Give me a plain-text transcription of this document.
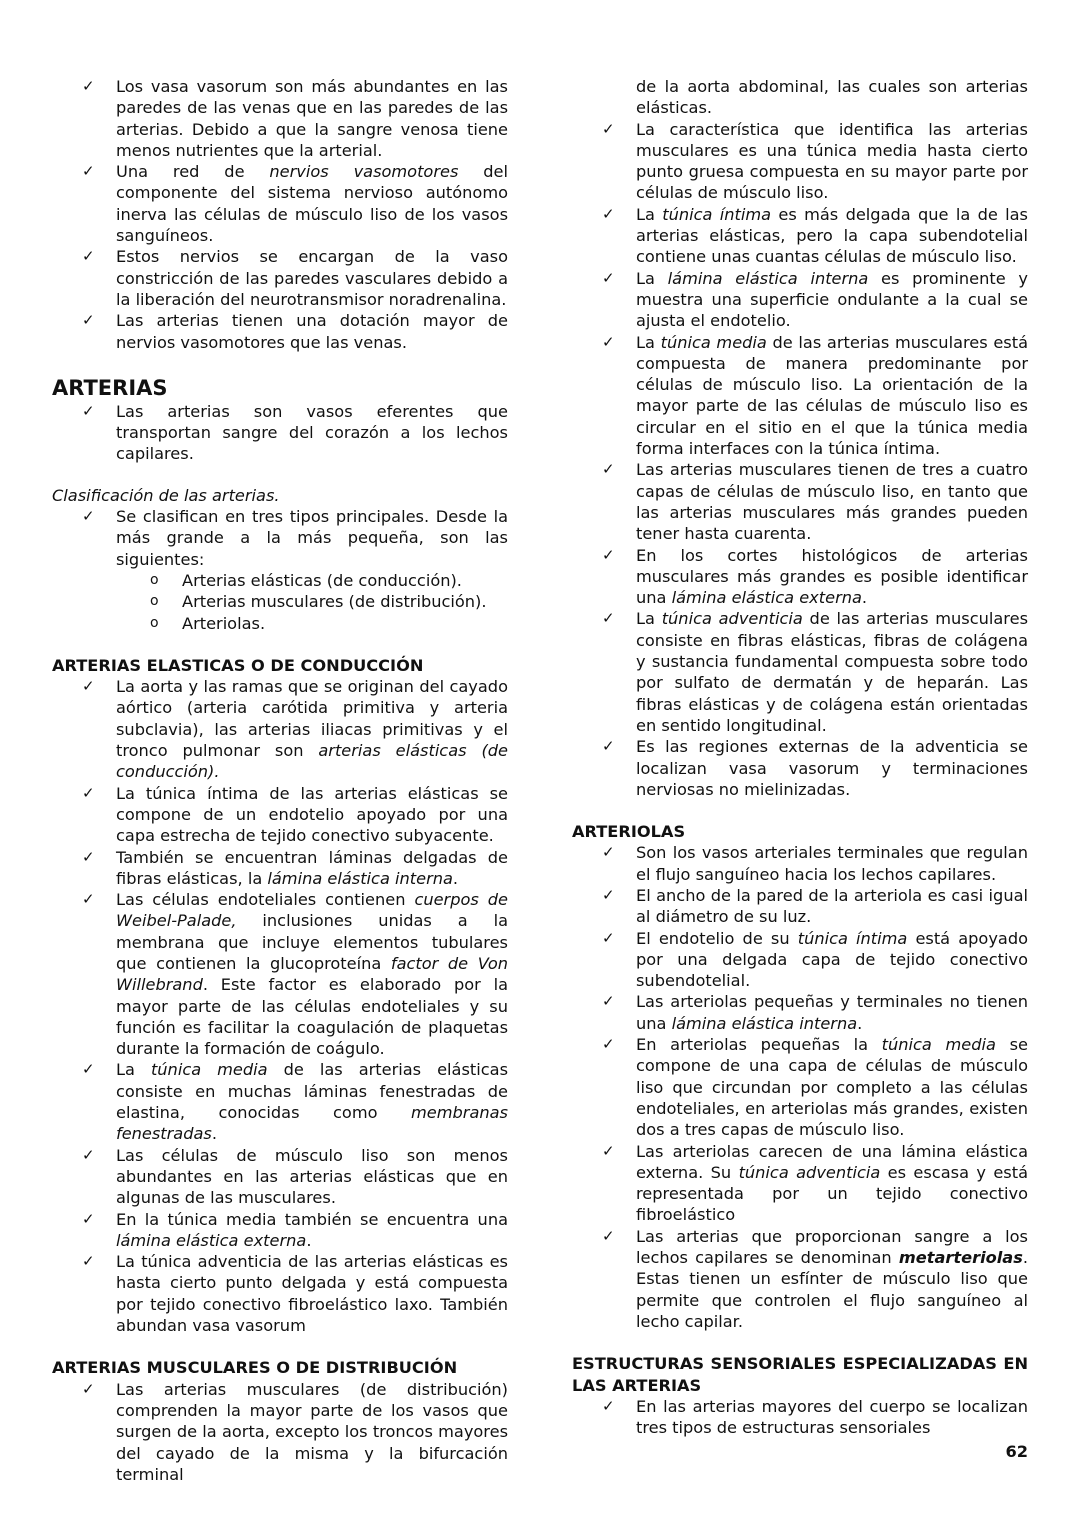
✓ Los vasa vasorum son más abundantes en las paredes de las venas que en las paredes de las arterias. Debido a que la sangre venosa tiene menos nutrientes que la arterial.
✓ Una red de nervios vasomotores del componente del sistema nervioso autónomo inerva las células de músculo liso de los vasos sanguíneos.
✓ Estos nervios se encargan de la vaso constricción de las paredes vasculares debido a la liberación del neurotransmisor noradrenalina.
✓ Las arterias tienen una dotación mayor de nervios vasomotores que las venas.
ARTERIAS
✓ Las arterias son vasos eferentes que transportan sangre del corazón a los lechos capilares.
Clasificación de las arterias.
✓ Se clasifican en tres tipos principales. Desde la más grande a la más pequeña, son las siguientes:
o Arterias elásticas (de conducción).
o Arterias musculares (de distribución).
o Arteriolas.
ARTERIAS ELASTICAS O DE CONDUCCIÓN
✓ La aorta y las ramas que se originan del cayado aórtico (arteria carótida primitiva y arteria subclavia), las arterias iliacas primitivas y el tronco pulmonar son arterias elásticas (de conducción).
✓ La túnica íntima de las arterias elásticas se compone de un endotelio apoyado por una capa estrecha de tejido conectivo subyacente.
✓ También se encuentran láminas delgadas de fibras elásticas, la lámina elástica interna.
✓ Las células endoteliales contienen cuerpos de Weibel-Palade, inclusiones unidas a la membrana que incluye elementos tubulares que contienen la glucoproteína factor de Von Willebrand. Este factor es elaborado por la mayor parte de las células endoteliales y su función es facilitar la coagulación de plaquetas durante la formación de coágulo.
✓ La túnica media de las arterias elásticas consiste en muchas láminas fenestradas de elastina, conocidas como membranas fenestradas.
✓ Las células de músculo liso son menos abundantes en las arterias elásticas que en algunas de las musculares.
✓ En la túnica media también se encuentra una lámina elástica externa.
✓ La túnica adventicia de las arterias elásticas es hasta cierto punto delgada y está compuesta por tejido conectivo fibroelástico laxo. También abundan vasa vasorum
ARTERIAS MUSCULARES O DE DISTRIBUCIÓN
✓ Las arterias musculares (de distribución) comprenden la mayor parte de los vasos que surgen de la aorta, excepto los troncos mayores del cayado de la misma y la bifurcación terminal
de la aorta abdominal, las cuales son arterias elásticas.
✓ La característica que identifica las arterias musculares es una túnica media hasta cierto punto gruesa compuesta en su mayor parte por células de músculo liso.
✓ La túnica íntima es más delgada que la de las arterias elásticas, pero la capa subendotelial contiene unas cuantas células de músculo liso.
✓ La lámina elástica interna es prominente y muestra una superficie ondulante a la cual se ajusta el endotelio.
✓ La túnica media de las arterias musculares está compuesta de manera predominante por células de músculo liso. La orientación de la mayor parte de las células de músculo liso es circular en el sitio en el que la túnica media forma interfaces con la túnica íntima.
✓ Las arterias musculares tienen de tres a cuatro capas de células de músculo liso, en tanto que las arterias musculares más grandes pueden tener hasta cuarenta.
✓ En los cortes histológicos de arterias musculares más grandes es posible identificar una lámina elástica externa.
✓ La túnica adventicia de las arterias musculares consiste en fibras elásticas, fibras de colágena y sustancia fundamental compuesta sobre todo por sulfato de dermatán y de heparán. Las fibras elásticas y de colágena están orientadas en sentido longitudinal.
✓ Es las regiones externas de la adventicia se localizan vasa vasorum y terminaciones nerviosas no mielinizadas.
ARTERIOLAS
✓ Son los vasos arteriales terminales que regulan el flujo sanguíneo hacia los lechos capilares.
✓ El ancho de la pared de la arteriola es casi igual al diámetro de su luz.
✓ El endotelio de su túnica íntima está apoyado por una delgada capa de tejido conectivo subendotelial.
✓ Las arteriolas pequeñas y terminales no tienen una lámina elástica interna.
✓ En arteriolas pequeñas la túnica media se compone de una capa de células de músculo liso que circundan por completo a las células endoteliales, en arteriolas más grandes, existen dos a tres capas de músculo liso.
✓ Las arteriolas carecen de una lámina elástica externa. Su túnica adventicia es escasa y está representada por un tejido conectivo fibroelástico
✓ Las arterias que proporcionan sangre a los lechos capilares se denominan metarteriolas. Estas tienen un esfínter de músculo liso que permite que controlen el flujo sanguíneo al lecho capilar.
ESTRUCTURAS SENSORIALES ESPECIALIZADAS EN LAS ARTERIAS
✓ En las arterias mayores del cuerpo se localizan tres tipos de estructuras sensoriales
62
